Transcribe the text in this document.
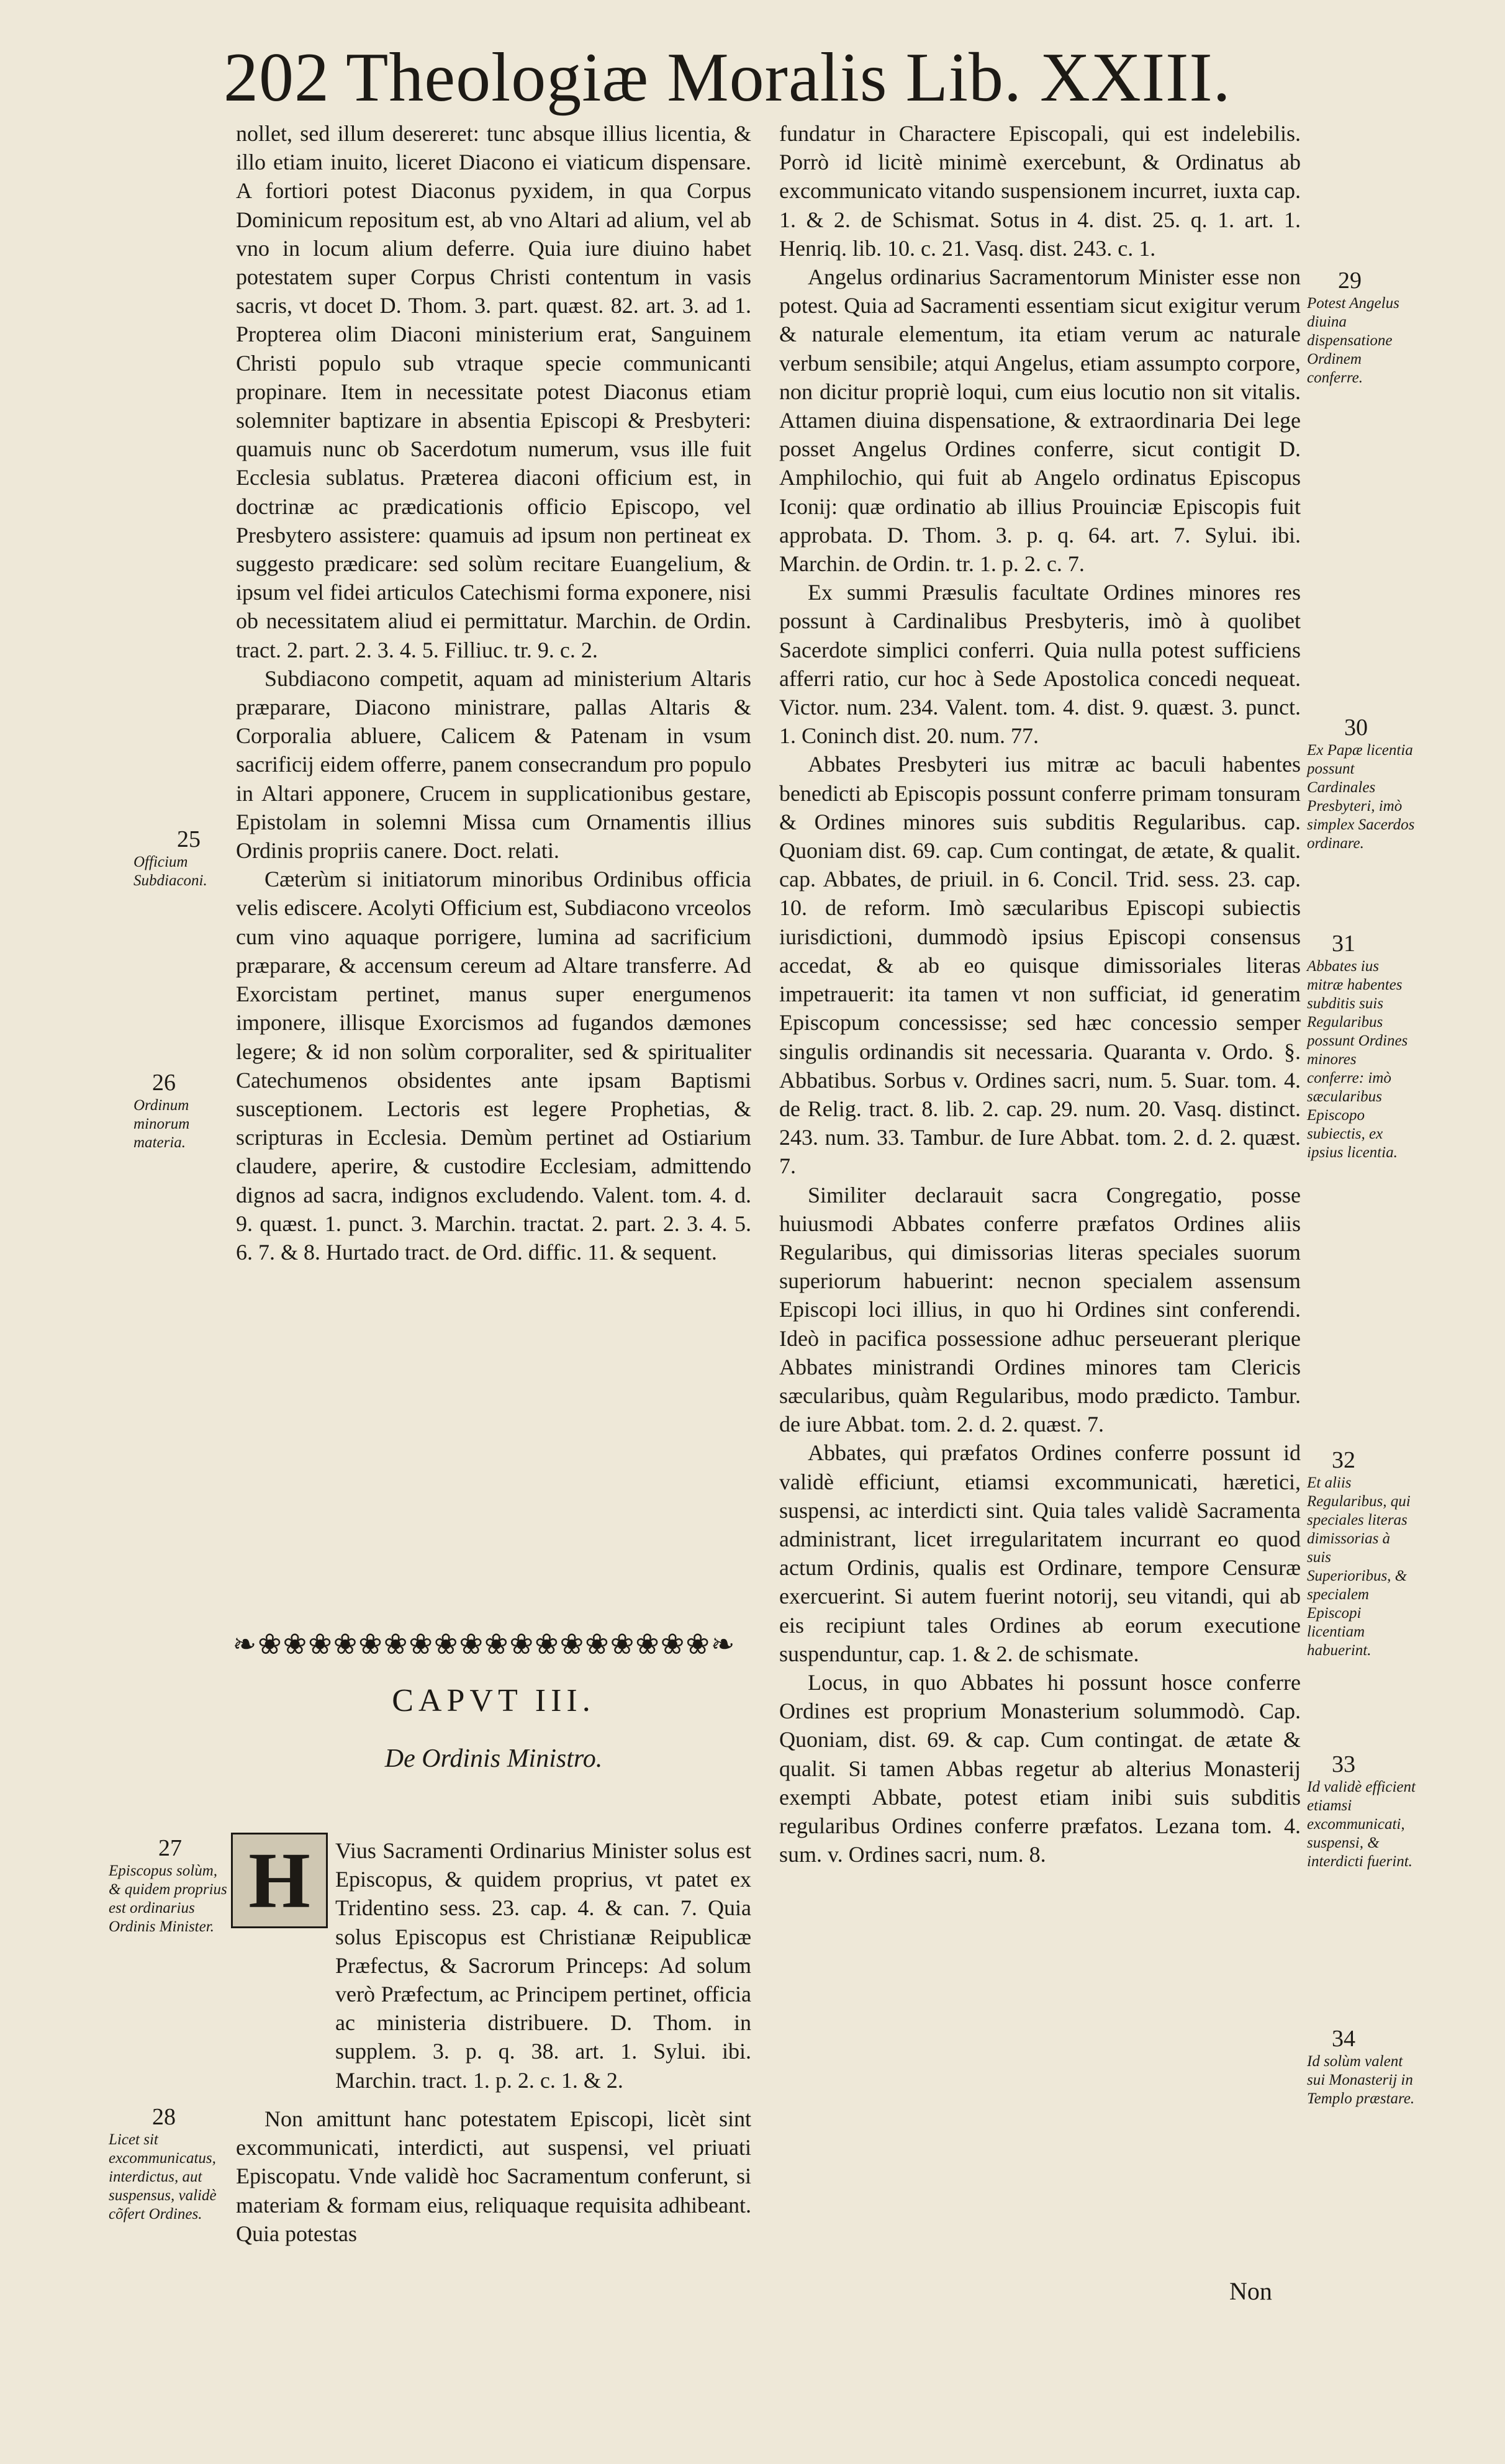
202 Theologiæ Moralis Lib. XXIII.

nollet, sed illum desereret: tunc absque illius licentia, & illo etiam inuito, liceret Diacono ei viaticum dispensare. A fortiori potest Diaconus pyxidem, in qua Corpus Dominicum repositum est, ab vno Altari ad alium, vel ab vno in locum alium deferre. Quia iure diuino habet potestatem super Corpus Christi contentum in vasis sacris, vt docet D. Thom. 3. part. quæst. 82. art. 3. ad 1. Propterea olim Diaconi ministerium erat, Sanguinem Christi populo sub vtraque specie communicanti propinare. Item in necessitate potest Diaconus etiam solemniter baptizare in absentia Episcopi & Presbyteri: quamuis nunc ob Sacerdotum numerum, vsus ille fuit Ecclesia sublatus. Præterea diaconi officium est, in doctrinæ ac prædicationis officio Episcopo, vel Presbytero assistere: quamuis ad ipsum non pertineat ex suggesto prædicare: sed solùm recitare Euangelium, & ipsum vel fidei articulos Catechismi forma exponere, nisi ob necessitatem aliud ei permittatur. Marchin. de Ordin. tract. 2. part. 2. 3. 4. 5. Filliuc. tr. 9. c. 2.

Subdiacono competit, aquam ad ministerium Altaris præparare, Diacono ministrare, pallas Altaris & Corporalia abluere, Calicem & Patenam in vsum sacrificij eidem offerre, panem consecrandum pro populo in Altari apponere, Crucem in supplicationibus gestare, Epistolam in solemni Missa cum Ornamentis illius Ordinis propriis canere. Doct. relati.

Cæterùm si initiatorum minoribus Ordinibus officia velis ediscere. Acolyti Officium est, Subdiacono vrceolos cum vino aquaque porrigere, lumina ad sacrificium præparare, & accensum cereum ad Altare transferre. Ad Exorcistam pertinet, manus super energumenos imponere, illisque Exorcismos ad fugandos dæmones legere; & id non solùm corporaliter, sed & spiritualiter Catechumenos obsidentes ante ipsam Baptismi susceptionem. Lectoris est legere Prophetias, & scripturas in Ecclesia. Demùm pertinet ad Ostiarium claudere, aperire, & custodire Ecclesiam, admittendo dignos ad sacra, indignos excludendo. Valent. tom. 4. d. 9. quæst. 1. punct. 3. Marchin. tractat. 2. part. 2. 3. 4. 5. 6. 7. & 8. Hurtado tract. de Ord. diffic. 11. & sequent.

25
Officium Subdiaconi.
26
Ordinum minorum materia.
❧❀❀❀❀❀❀❀❀❀❀❀❀❀❀❀❀❀❀❧
CAPVT III.
De Ordinis Ministro.
H	Vius Sacramenti Ordinarius Minister solus est Episcopus, & quidem proprius, vt patet ex Tridentino sess. 23. cap. 4. & can. 7. Quia solus Episcopus est Christianæ Reipublicæ Præfectus, & Sacrorum Princeps: Ad solum verò Præfectum, ac Principem pertinet, officia ac ministeria distribuere. D. Thom. in supplem. 3. p. q. 38. art. 1. Sylui. ibi. Marchin. tract. 1. p. 2. c. 1. & 2.
Non amittunt hanc potestatem Episcopi, licèt sint excommunicati, interdicti, aut suspensi, vel priuati Episcopatu. Vnde validè hoc Sacramentum conferunt, si materiam & formam eius, reliquaque requisita adhibeant. Quia potestas
27
Episcopus solùm, & quidem proprius est ordinarius Ordinis Minister.
28
Licet sit excommunicatus, interdictus, aut suspensus, validè cõfert Ordines.

fundatur in Charactere Episcopali, qui est indelebilis. Porrò id licitè minimè exercebunt, & Ordinatus ab excommunicato vitando suspensionem incurret, iuxta cap. 1. & 2. de Schismat. Sotus in 4. dist. 25. q. 1. art. 1. Henriq. lib. 10. c. 21. Vasq. dist. 243. c. 1.

Angelus ordinarius Sacramentorum Minister esse non potest. Quia ad Sacramenti essentiam sicut exigitur verum & naturale elementum, ita etiam verum ac naturale verbum sensibile; atqui Angelus, etiam assumpto corpore, non dicitur propriè loqui, cum eius locutio non sit vitalis. Attamen diuina dispensatione, & extraordinaria Dei lege posset Angelus Ordines conferre, sicut contigit D. Amphilochio, qui fuit ab Angelo ordinatus Episcopus Iconij: quæ ordinatio ab illius Prouinciæ Episcopis fuit approbata. D. Thom. 3. p. q. 64. art. 7. Sylui. ibi. Marchin. de Ordin. tr. 1. p. 2. c. 7.

Ex summi Præsulis facultate Ordines minores res possunt à Cardinalibus Presbyteris, imò à quolibet Sacerdote simplici conferri. Quia nulla potest sufficiens afferri ratio, cur hoc à Sede Apostolica concedi nequeat. Victor. num. 234. Valent. tom. 4. dist. 9. quæst. 3. punct. 1. Coninch dist. 20. num. 77.

Abbates Presbyteri ius mitræ ac baculi habentes benedicti ab Episcopis possunt conferre primam tonsuram & Ordines minores suis subditis Regularibus. cap. Quoniam dist. 69. cap. Cum contingat, de ætate, & qualit. cap. Abbates, de priuil. in 6. Concil. Trid. sess. 23. cap. 10. de reform. Imò sæcularibus Episcopi subiectis iurisdictioni, dummodò ipsius Episcopi consensus accedat, & ab eo quisque dimissoriales literas impetrauerit: ita tamen vt non sufficiat, id generatim Episcopum concessisse; sed hæc concessio semper singulis ordinandis sit necessaria. Quaranta v. Ordo. §. Abbatibus. Sorbus v. Ordines sacri, num. 5. Suar. tom. 4. de Relig. tract. 8. lib. 2. cap. 29. num. 20. Vasq. distinct. 243. num. 33. Tambur. de Iure Abbat. tom. 2. d. 2. quæst. 7.

Similiter declarauit sacra Congregatio, posse huiusmodi Abbates conferre præfatos Ordines aliis Regularibus, qui dimissorias literas speciales suorum superiorum habuerint: necnon specialem assensum Episcopi loci illius, in quo hi Ordines sint conferendi. Ideò in pacifica possessione adhuc perseuerant plerique Abbates ministrandi Ordines minores tam Clericis sæcularibus, quàm Regularibus, modo prædicto. Tambur. de iure Abbat. tom. 2. d. 2. quæst. 7.

Abbates, qui præfatos Ordines conferre possunt id validè efficiunt, etiamsi excommunicati, hæretici, suspensi, ac interdicti sint. Quia tales validè Sacramenta administrant, licet irregularitatem incurrant eo quod actum Ordinis, qualis est Ordinare, tempore Censuræ exercuerint. Si autem fuerint notorij, seu vitandi, qui ab eis recipiunt tales Ordines ab eorum executione suspenduntur, cap. 1. & 2. de schismate.

Locus, in quo Abbates hi possunt hosce conferre Ordines est proprium Monasterium solummodò. Cap. Quoniam, dist. 69. & cap. Cum contingat. de ætate & qualit. Si tamen Abbas regetur ab alterius Monasterij exempti Abbate, potest etiam inibi suis subditis regularibus Ordines conferre præfatos. Lezana tom. 4. sum. v. Ordines sacri, num. 8.

29
Potest Angelus diuina dispensatione Ordinem conferre.
30
Ex Papæ licentia possunt Cardinales Presbyteri, imò simplex Sacerdos ordinare.
31
Abbates ius mitræ habentes subditis suis Regularibus possunt Ordines minores conferre: imò sæcularibus Episcopo subiectis, ex ipsius licentia.
32
Et aliis Regularibus, qui speciales literas dimissorias à suis Superioribus, & specialem Episcopi licentiam habuerint.
33
Id validè efficient etiamsi excommunicati, suspensi, & interdicti fuerint.
34
Id solùm valent sui Monasterij in Templo præstare.
Non
